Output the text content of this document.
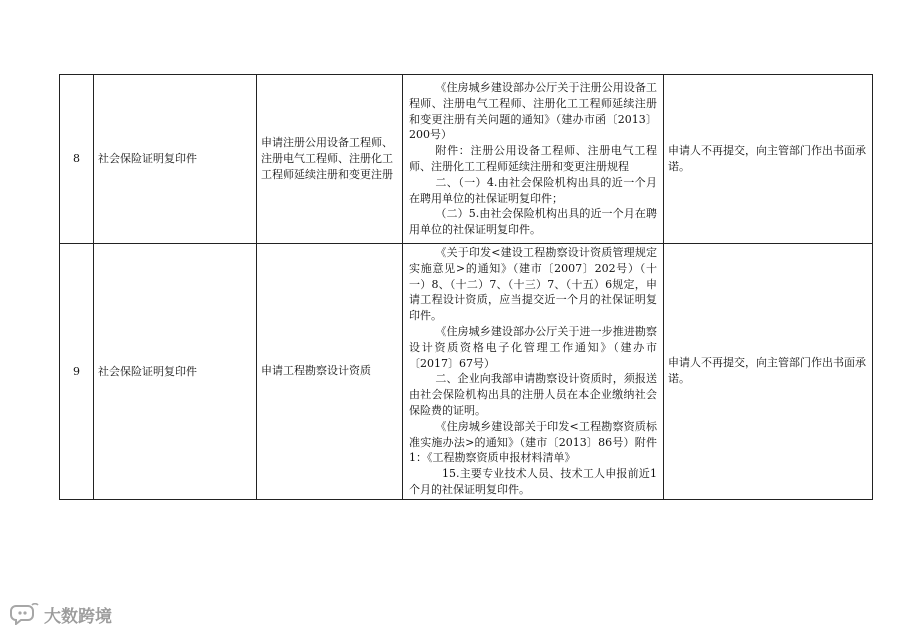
8	社会保险证明复印件	申请注册公用设备工程师、注册电气工程师、注册化工工程师延续注册和变更注册	《住房城乡建设部办公厅关于注册公用设备工程师、注册电气工程师、注册化工工程师延续注册和变更注册有关问题的通知》（建办市函〔2013〕200号）

附件：注册公用设备工程师、注册电气工程师、注册化工工程师延续注册和变更注册规程

二、（一）4.由社会保险机构出具的近一个月在聘用单位的社保证明复印件；

（二）5.由社会保险机构出具的近一个月在聘用单位的社保证明复印件。	申请人不再提交，向主管部门作出书面承诺。
9	社会保险证明复印件	申请工程勘察设计资质	《关于印发<建设工程勘察设计资质管理规定实施意见>的通知》（建市〔2007〕202号）（十一）8、（十二）7、（十三）7、（十五）6规定，申请工程设计资质，应当提交近一个月的社保证明复印件。

《住房城乡建设部办公厅关于进一步推进勘察设计资质资格电子化管理工作通知》（建办市〔2017〕67号）

二、企业向我部申请勘察设计资质时，须报送由社会保险机构出具的注册人员在本企业缴纳社会保险费的证明。

《住房城乡建设部关于印发<工程勘察资质标准实施办法>的通知》（建市〔2013〕86号）附件1：《工程勘察资质申报材料清单》

15.主要专业技术人员、技术工人申报前近1个月的社保证明复印件。	申请人不再提交，向主管部门作出书面承诺。
大数跨境
